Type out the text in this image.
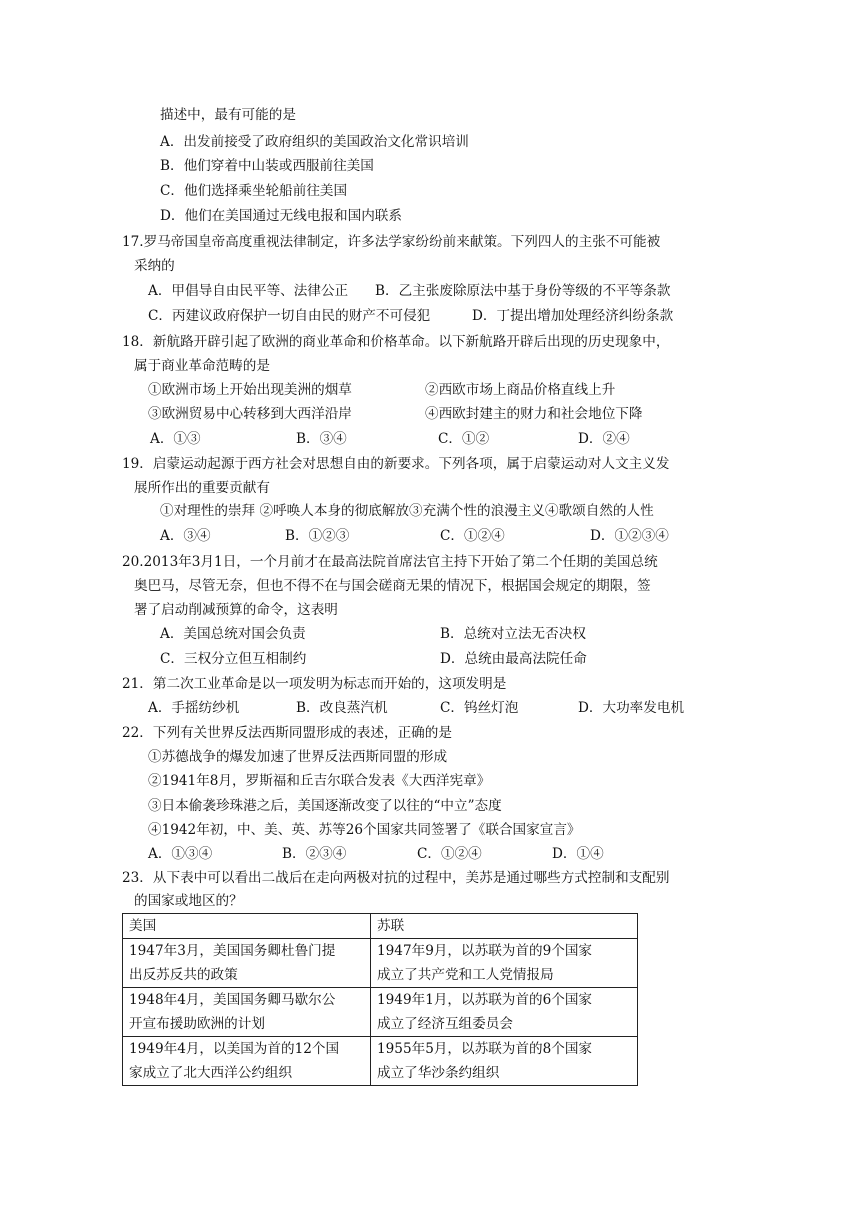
描述中，最有可能的是
A．出发前接受了政府组织的美国政治文化常识培训
B．他们穿着中山装或西服前往美国
C．他们选择乘坐轮船前往美国
D．他们在美国通过无线电报和国内联系
17.罗马帝国皇帝高度重视法律制定，许多法学家纷纷前来献策。下列四人的主张不可能被
采纳的
A．甲倡导自由民平等、法律公正 B．乙主张废除原法中基于身份等级的不平等条款
C．丙建议政府保护一切自由民的财产不可侵犯	D．丁提出增加处理经济纠纷条款
18．新航路开辟引起了欧洲的商业革命和价格革命。以下新航路开辟后出现的历史现象中，
属于商业革命范畴的是
①欧洲市场上开始出现美洲的烟草	②西欧市场上商品价格直线上升
③欧洲贸易中心转移到大西洋沿岸	④西欧封建主的财力和社会地位下降
A．①③	B．③④	C．①②	D．②④
19．启蒙运动起源于西方社会对思想自由的新要求。下列各项，属于启蒙运动对人文主义发
展所作出的重要贡献有
①对理性的崇拜 ②呼唤人本身的彻底解放③充满个性的浪漫主义④歌颂自然的人性
A．③④	B．①②③	C．①②④	D．①②③④
20.2013年3月1日，一个月前才在最高法院首席法官主持下开始了第二个任期的美国总统
奥巴马，尽管无奈，但也不得不在与国会磋商无果的情况下，根据国会规定的期限，签
署了启动削减预算的命令，这表明
A．美国总统对国会负责	B．总统对立法无否决权
C．三权分立但互相制约	D．总统由最高法院任命
21．第二次工业革命是以一项发明为标志而开始的，这项发明是
A．手摇纺纱机	B．改良蒸汽机	C．钨丝灯泡	D．大功率发电机
22．下列有关世界反法西斯同盟形成的表述，正确的是
①苏德战争的爆发加速了世界反法西斯同盟的形成
②1941年8月，罗斯福和丘吉尔联合发表《大西洋宪章》
③日本偷袭珍珠港之后，美国逐渐改变了以往的“中立”态度
④1942年初，中、美、英、苏等26个国家共同签署了《联合国家宣言》
A．①③④	B．②③④	C．①②④	D．①④
23．从下表中可以看出二战后在走向两极对抗的过程中，美苏是通过哪些方式控制和支配别
的国家或地区的？
美国	苏联

1947年3月，美国国务卿杜鲁门提
出反苏反共的政策	1947年9月，以苏联为首的9个国家
成立了共产党和工人党情报局

1948年4月，美国国务卿马歇尔公
开宣布援助欧洲的计划	1949年1月，以苏联为首的6个国家
成立了经济互组委员会

1949年4月，以美国为首的12个国
家成立了北大西洋公约组织	1955年5月，以苏联为首的8个国家
成立了华沙条约组织
